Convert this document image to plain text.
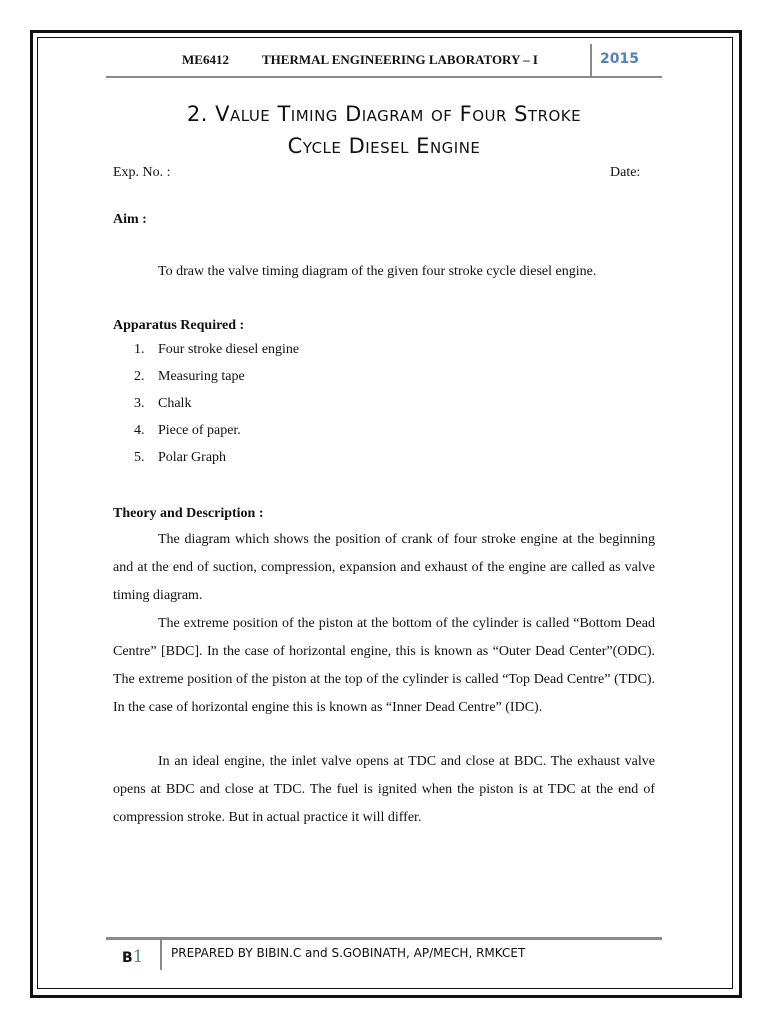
ME6412	THERMAL ENGINEERING LABORATORY – I	2015
2. Value Timing Diagram of Four Stroke
Cycle Diesel Engine
Exp. No. :	Date:
Aim :
To draw the valve timing diagram of the given four stroke cycle diesel engine.
Apparatus Required :
1. Four stroke diesel engine
2. Measuring tape
3. Chalk
4. Piece of paper.
5. Polar Graph
Theory and Description :

The diagram which shows the position of crank of four stroke engine at the beginning and at the end of suction, compression, expansion and exhaust of the engine are called as valve timing diagram.

The extreme position of the piston at the bottom of the cylinder is called “Bottom Dead Centre” [BDC]. In the case of horizontal engine, this is known as “Outer Dead Center”(ODC). The extreme position of the piston at the top of the cylinder is called “Top Dead Centre” (TDC). In the case of horizontal engine this is known as “Inner Dead Centre” (IDC).

In an ideal engine, the inlet valve opens at TDC and close at BDC. The exhaust valve opens at BDC and close at TDC. The fuel is ignited when the piston is at TDC at the end of compression stroke. But in actual practice it will differ.

B1 PREPARED BY BIBIN.C and S.GOBINATH, AP/MECH, RMKCET
